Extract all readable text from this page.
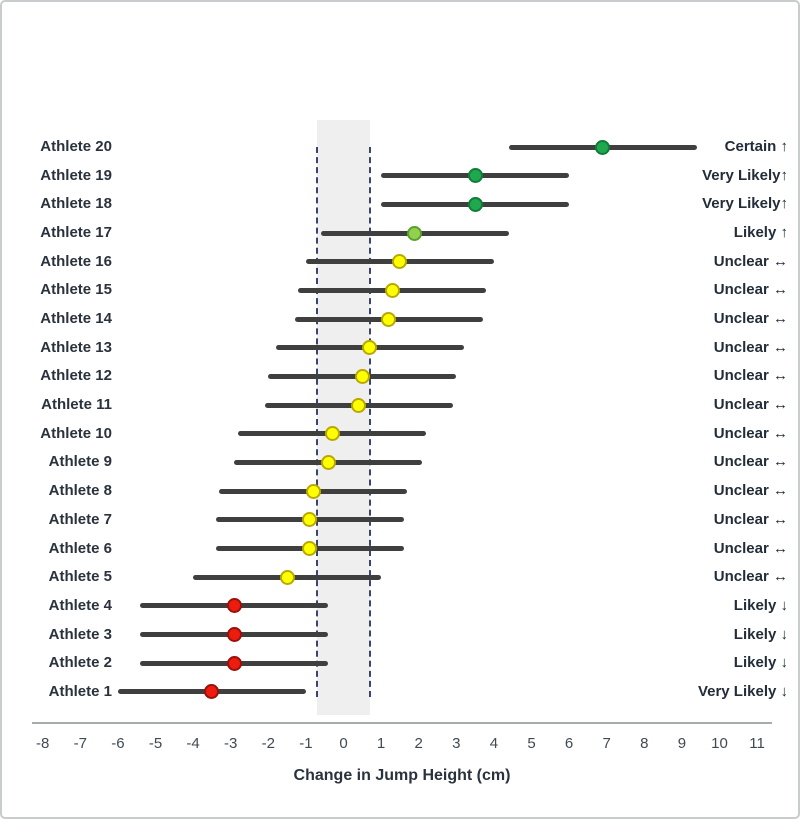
Change in Jump Height (cm)
Athlete 20	Certain ↑
Athlete 19	Very Likely↑
Athlete 18	Very Likely↑
Athlete 17	Likely ↑
Athlete 16	Unclear ↔
Athlete 15	Unclear ↔
Athlete 14	Unclear ↔
Athlete 13	Unclear ↔
Athlete 12	Unclear ↔
Athlete 11	Unclear ↔
Athlete 10	Unclear ↔
Athlete 9	Unclear ↔
Athlete 8	Unclear ↔
Athlete 7	Unclear ↔
Athlete 6	Unclear ↔
Athlete 5	Unclear ↔
Athlete 4	Likely ↓
Athlete 3	Likely ↓
Athlete 2	Likely ↓
Athlete 1	Very Likely ↓
-8	-7	-6	-5	-4	-3	-2	-1	0	1	2	3	4	5	6	7	8	9	10	11
